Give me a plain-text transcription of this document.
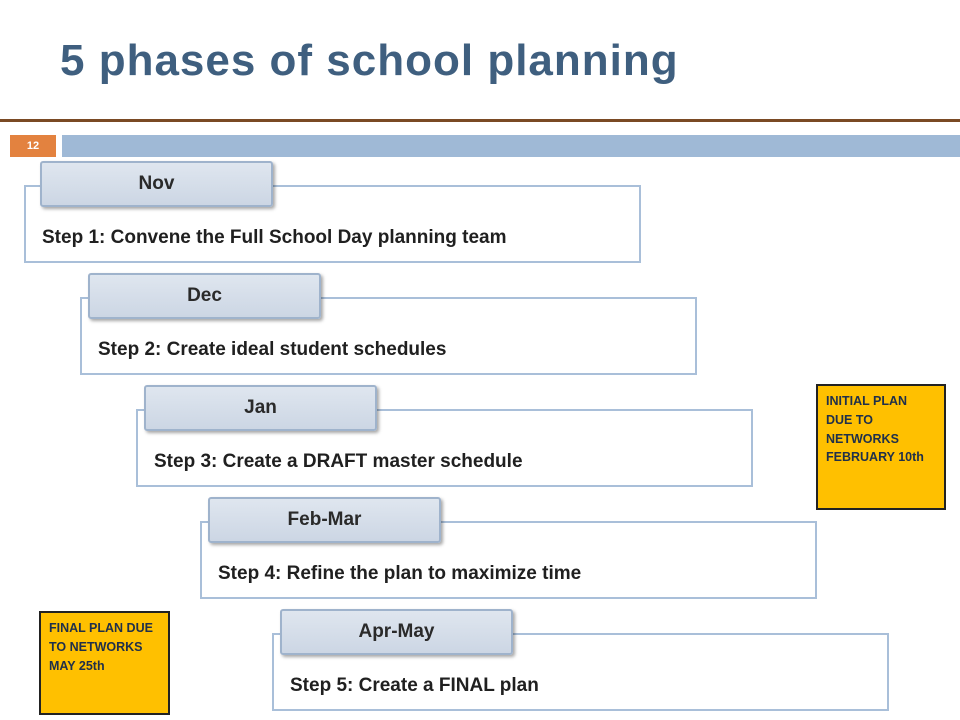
5 phases of school planning
12
Step 1: Convene the Full School Day planning team
Nov
Step 2: Create ideal student schedules
Dec
Step 3: Create a DRAFT master schedule
Jan
Step 4: Refine the plan to maximize time
Feb-Mar
Step 5: Create a FINAL plan
Apr-May
INITIAL PLAN DUE TO NETWORKS FEBRUARY 10th
FINAL PLAN DUE TO NETWORKS MAY 25th
